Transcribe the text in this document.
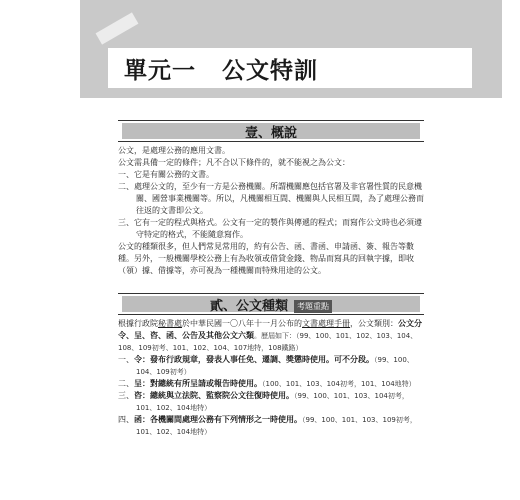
單元一 公文特訓
壹、概說

公文，是處理公務的應用文書。

公文需具備一定的條件；凡不合以下條件的，就不能視之為公文：

一、它是有關公務的文書。

二、處理公文的，至少有一方是公務機關。所謂機關應包括官署及非官署性質的民意機關、國營事業機關等。所以，凡機關相互間、機關與人民相互間，為了處理公務而往返的文書即公文。

三、它有一定的程式與格式。公文有一定的製作與傳遞的程式；而寫作公文時也必須遵守特定的格式，不能隨意寫作。

公文的種類很多，但人們常見常用的，約有公告、函、書函、申請函、簽、報告等數種。另外，一般機關學校公務上有為收領或借貸金錢、物品而寫具的回執字據，即收（領）據、借據等，亦可視為一種機關而特殊用途的公文。

貳、公文種類 考題重點

根據行政院秘書處於中華民國一〇八年十一月公布的文書處理手冊，公文類別：公文分令、呈、咨、函、公告及其他公文六類。歷屆如下：（99、100、101、102、103、104、108、109初考、101、102、104、107地特，108鐵路）

一、令：發布行政規章，發表人事任免、遷調、獎懲時使用。可不分段。（99、100、104、109初考）

二、呈：對總統有所呈請或報告時使用。（100、101、103、104初考，101、104地特）

三、咨：總統與立法院、監察院公文往復時使用。（99、100、101、103、104初考，101、102、104地特）

四、函：各機關間處理公務有下列情形之一時使用。（99、100、101、103、109初考，101、102、104地特）
